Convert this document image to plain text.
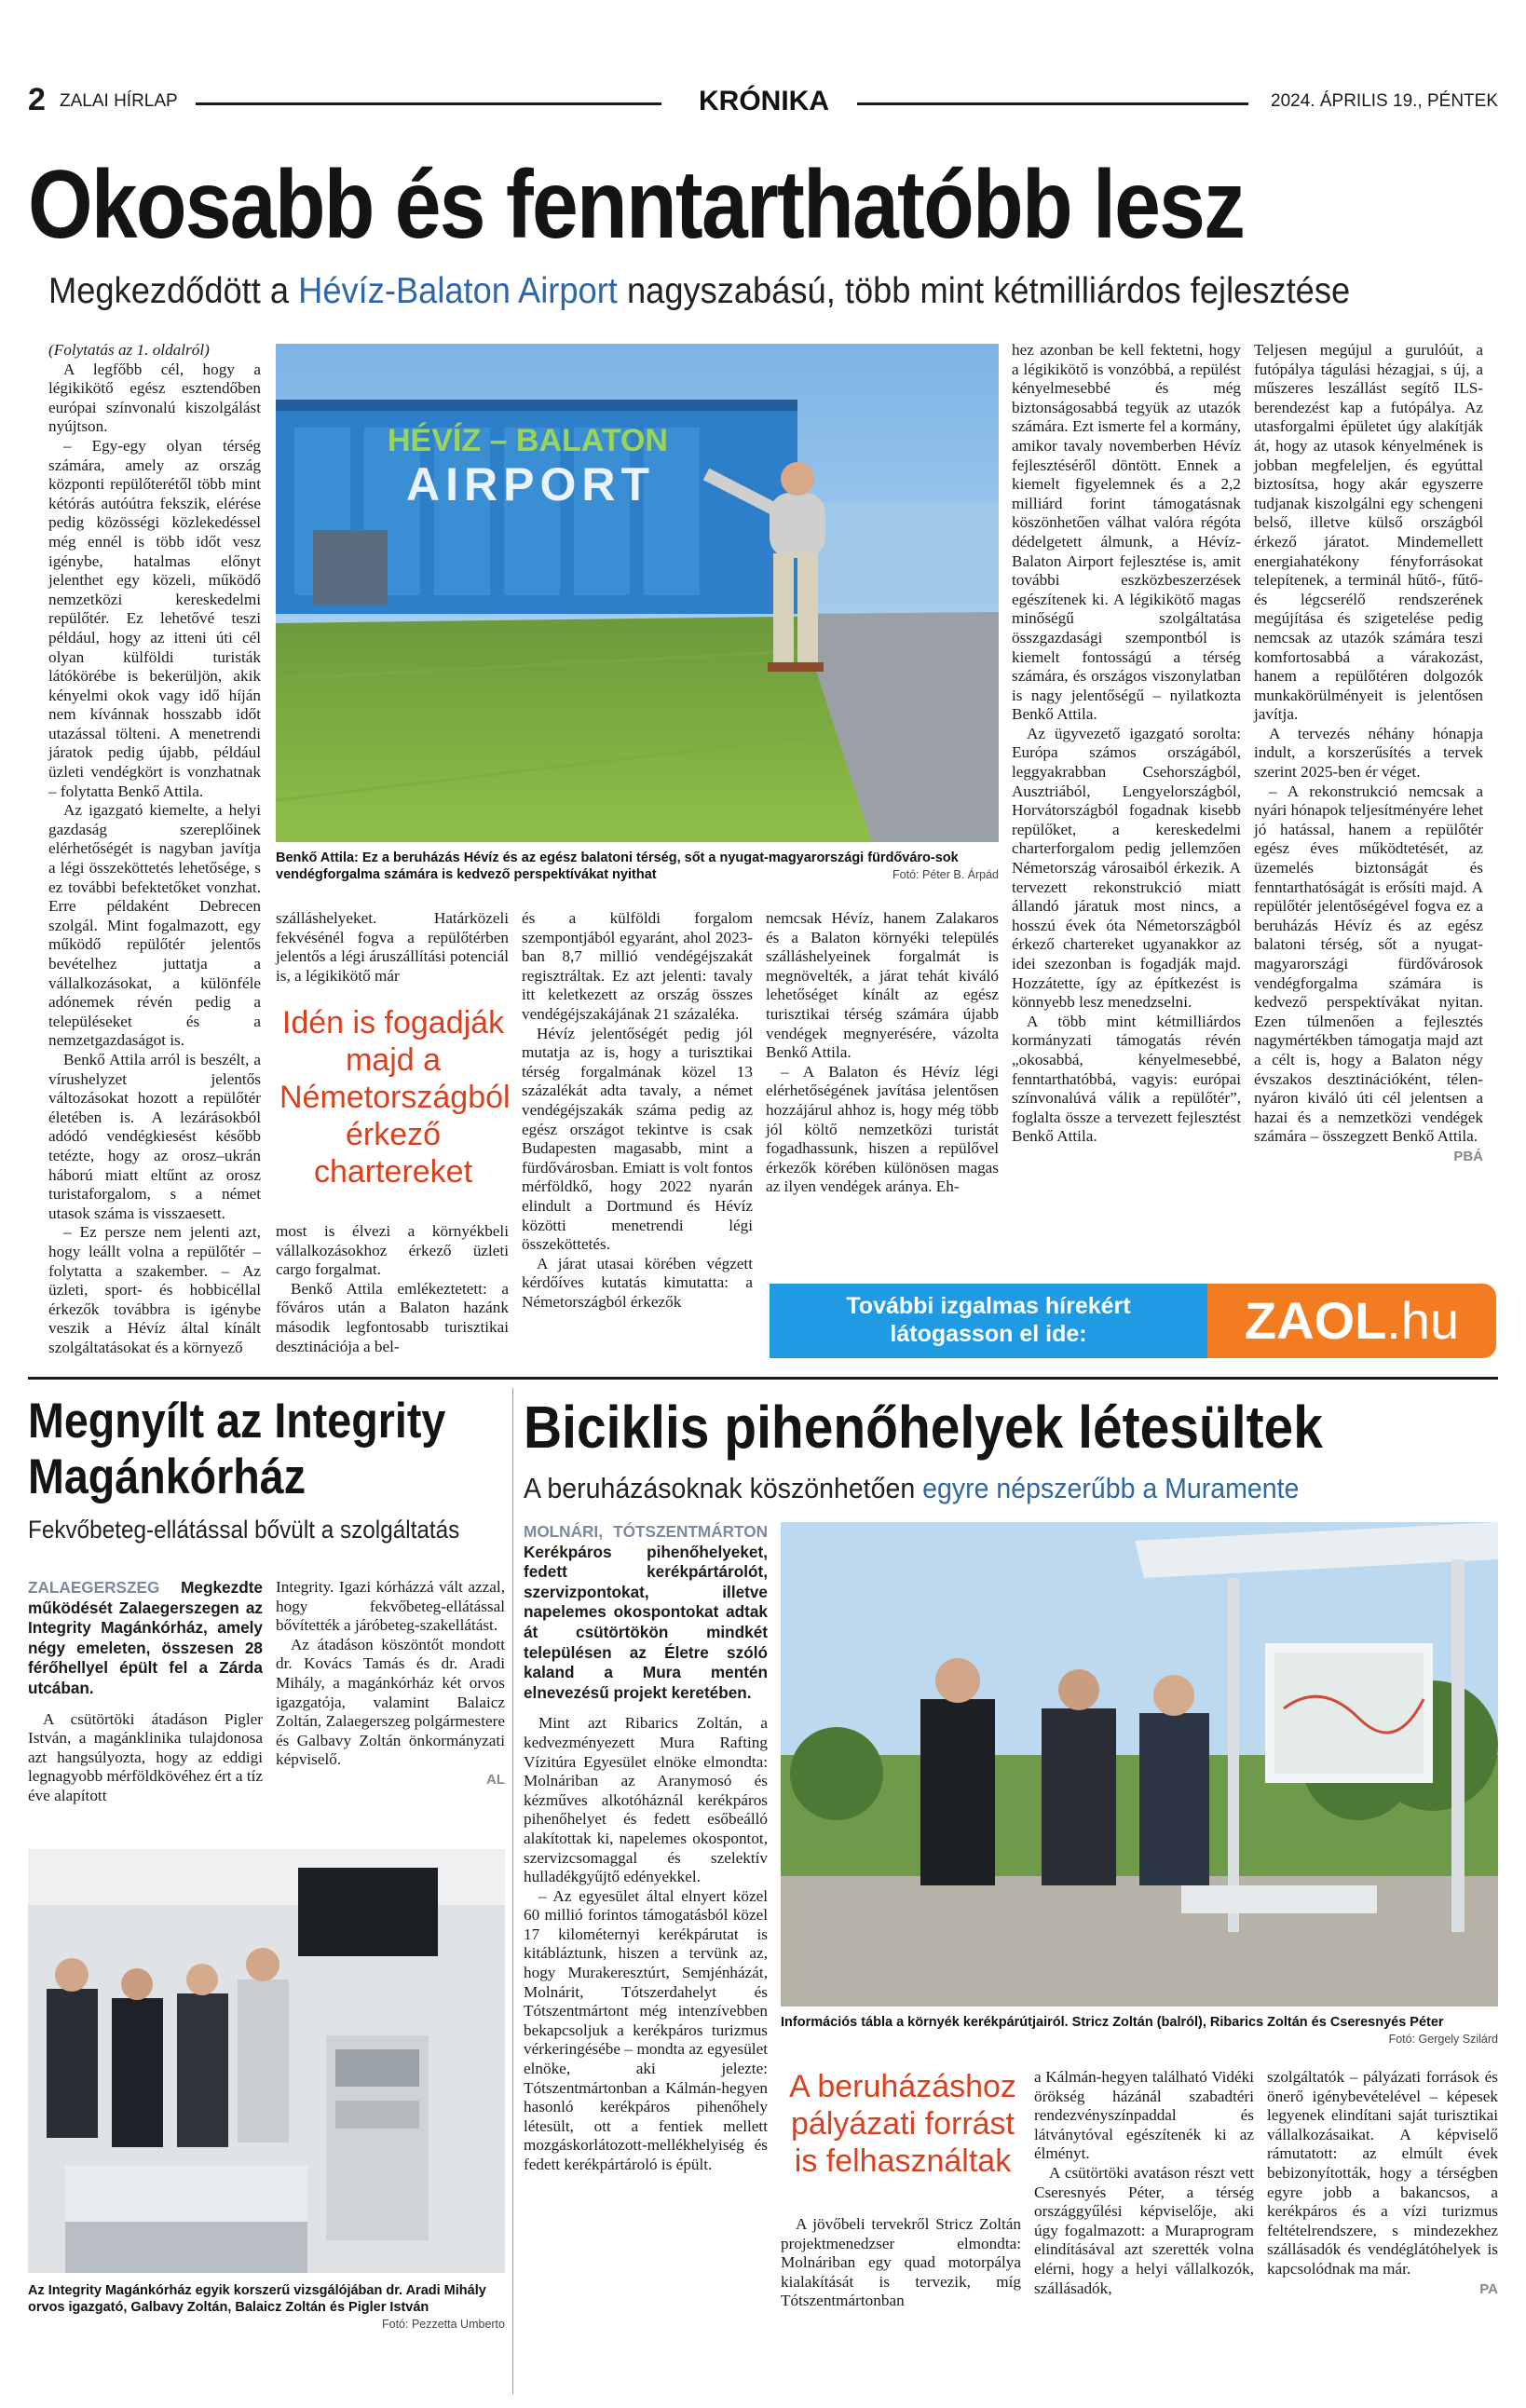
2 ZALAI HÍRLAP	KRÓNIKA	2024. ÁPRILIS 19., PÉNTEK
Okosabb és fenntarthatóbb lesz
Megkezdődött a Hévíz-Balaton Airport nagyszabású, több mint kétmilliárdos fejlesztése

(Folytatás az 1. oldalról)

A legfőbb cél, hogy a légikikötő egész esztendőben európai színvonalú kiszolgálást nyújtson.

– Egy-egy olyan térség számára, amely az ország központi repülőterétől több mint kétórás autóútra fekszik, elérése pedig közösségi közlekedéssel még ennél is több időt vesz igénybe, hatalmas előnyt jelenthet egy közeli, működő nemzetközi kereskedelmi repülőtér. Ez lehetővé teszi például, hogy az itteni úti cél olyan külföldi turisták látókörébe is bekerüljön, akik kényelmi okok vagy idő híján nem kívánnak hosszabb időt utazással tölteni. A menetrendi járatok pedig újabb, például üzleti vendégkört is vonzhatnak – folytatta Benkő Attila.

Az igazgató kiemelte, a helyi gazdaság szereplőinek elérhetőségét is nagyban javítja a légi összeköttetés lehetősége, s ez további befektetőket vonzhat. Erre példaként Debrecen szolgál. Mint fogalmazott, egy működő repülőtér jelentős bevételhez juttatja a vállalkozásokat, a különféle adónemek révén pedig a településeket és a nemzetgazdaságot is.

Benkő Attila arról is beszélt, a vírushelyzet jelentős változásokat hozott a repülőtér életében is. A lezárásokból adódó vendégkiesést később tetézte, hogy az orosz–ukrán háború miatt eltűnt az orosz turistaforgalom, s a német utasok száma is visszaesett.

– Ez persze nem jelenti azt, hogy leállt volna a repülőtér – folytatta a szakember. – Az üzleti, sport- és hobbicéllal érkezők továbbra is igénybe veszik a Hévíz által kínált szolgáltatásokat és a környező

HÉVÍZ – BALATON
AIRPORT
Benkő Attila: Ez a beruházás Hévíz és az egész balatoni térség, sőt a nyugat-magyarországi fürdőváro-sok vendégforgalma számára is kedvező perspektívákat nyithat	Fotó: Péter B. Árpád

szálláshelyeket. Határközeli fekvésénél fogva a repülőtérben jelentős a légi áruszállítási potenciál is, a légikikötő már

Idén is fogadják majd a Németországból érkező chartereket

most is élvezi a környékbeli vállalkozásokhoz érkező üzleti cargo forgalmat.

Benkő Attila emlékeztetett: a főváros után a Balaton hazánk második legfontosabb turisztikai desztinációja a bel-

és a külföldi forgalom szempontjából egyaránt, ahol 2023-ban 8,7 millió vendégéjszakát regisztráltak. Ez azt jelenti: tavaly itt keletkezett az ország összes vendégéjszakájának 21 százaléka.

Hévíz jelentőségét pedig jól mutatja az is, hogy a turisztikai térség forgalmának közel 13 százalékát adta tavaly, a német vendégéjszakák száma pedig az egész országot tekintve is csak Budapesten magasabb, mint a fürdővárosban. Emiatt is volt fontos mérföldkő, hogy 2022 nyarán elindult a Dortmund és Hévíz közötti menetrendi légi összeköttetés.

A járat utasai körében végzett kérdőíves kutatás kimutatta: a Németországból érkezők

nemcsak Hévíz, hanem Zalakaros és a Balaton környéki település szálláshelyeinek forgalmát is megnövelték, a járat tehát kiváló lehetőséget kínált az egész turisztikai térség számára újabb vendégek megnyerésére, vázolta Benkő Attila.

– A Balaton és Hévíz légi elérhetőségének javítása jelentősen hozzájárul ahhoz is, hogy még több jól költő nemzetközi turistát fogadhassunk, hiszen a repülővel érkezők körében különösen magas az ilyen vendégek aránya. Eh-

hez azonban be kell fektetni, hogy a légikikötő is vonzóbbá, a repülést kényelmesebbé és még biztonságosabbá tegyük az utazók számára. Ezt ismerte fel a kormány, amikor tavaly novemberben Hévíz fejlesztéséről döntött. Ennek a kiemelt figyelemnek és a 2,2 milliárd forint támogatásnak köszönhetően válhat valóra régóta dédelgetett álmunk, a Hévíz-Balaton Airport fejlesztése is, amit további eszközbeszerzések egészítenek ki. A légikikötő magas minőségű szolgáltatása összgazdasági szempontból is kiemelt fontosságú a térség számára, és országos viszonylatban is nagy jelentőségű – nyilatkozta Benkő Attila.

Az ügyvezető igazgató sorolta: Európa számos országából, leggyakrabban Csehországból, Ausztriából, Lengyelországból, Horvátországból fogadnak kisebb repülőket, a kereskedelmi charterforgalom pedig jellemzően Németország városaiból érkezik. A tervezett rekonstrukció miatt állandó járatuk most nincs, a hosszú évek óta Németországból érkező chartereket ugyanakkor az idei szezonban is fogadják majd. Hozzátette, így az építkezést is könnyebb lesz menedzselni.

A több mint kétmilliárdos kormányzati támogatás révén „okosabbá, kényelmesebbé, fenntarthatóbbá, vagyis: európai színvonalúvá válik a repülőtér”, foglalta össze a tervezett fejlesztést Benkő Attila.

Teljesen megújul a gurulóút, a futópálya tágulási hézagjai, s új, a műszeres leszállást segítő ILS-berendezést kap a futópálya. Az utasforgalmi épületet úgy alakítják át, hogy az utasok kényelmének is jobban megfeleljen, és egyúttal biztosítsa, hogy akár egyszerre tudjanak kiszolgálni egy schengeni belső, illetve külső országból érkező járatot. Mindemellett energiahatékony fényforrásokat telepítenek, a terminál hűtő-, fűtő- és légcserélő rendszerének megújítása és szigetelése pedig nemcsak az utazók számára teszi komfortosabbá a várakozást, hanem a repülőtéren dolgozók munkakörülményeit is jelentősen javítja.

A tervezés néhány hónapja indult, a korszerűsítés a tervek szerint 2025-ben ér véget.

– A rekonstrukció nemcsak a nyári hónapok teljesítményére lehet jó hatással, hanem a repülőtér egész éves működtetését, az üzemelés biztonságát és fenntarthatóságát is erősíti majd. A repülőtér jelentőségével fogva ez a beruházás Hévíz és az egész balatoni térség, sőt a nyugat-magyarországi fürdővárosok vendégforgalma számára is kedvező perspektívákat nyitan. Ezen túlmenően a fejlesztés nagymértékben támogatja majd azt a célt is, hogy a Balaton négy évszakos desztinációként, télen-nyáron kiváló úti cél jelentsen a hazai és a nemzetközi vendégek számára – összegzett Benkő Attila.

PBÁ
További izgalmas hírekért
látogasson el ide:	ZAOL.hu
Megnyílt az Integrity Magánkórház
Fekvőbeteg-ellátással bővült a szolgáltatás

ZALAEGERSZEG Megkezdte működését Zalaegerszegen az Integrity Magánkórház, amely négy emeleten, összesen 28 férőhellyel épült fel a Zárda utcában.

A csütörtöki átadáson Pigler István, a magánklinika tulajdonosa azt hangsúlyozta, hogy az eddigi legnagyobb mérföldkövéhez ért a tíz éve alapított

Integrity. Igazi kórházzá vált azzal, hogy fekvőbeteg-ellátással bővítették a járóbeteg-szakellátást.

Az átadáson köszöntőt mondott dr. Kovács Tamás és dr. Aradi Mihály, a magánkórház két orvos igazgatója, valamint Balaicz Zoltán, Zalaegerszeg polgármestere és Galbavy Zoltán önkormányzati képviselő.

AL
Az Integrity Magánkórház egyik korszerű vizsgálójában dr. Aradi Mihály orvos igazgató, Galbavy Zoltán, Balaicz Zoltán és Pigler István
Fotó: Pezzetta Umberto
Biciklis pihenőhelyek létesültek
A beruházásoknak köszönhetően egyre népszerűbb a Muramente

MOLNÁRI, TÓTSZENTMÁRTON Kerékpáros pihenőhelyeket, fedett kerékpártárolót, szervizpontokat, illetve napelemes okospontokat adtak át csütörtökön mindkét településen az Életre szóló kaland a Mura mentén elnevezésű projekt keretében.

Mint azt Ribarics Zoltán, a kedvezményezett Mura Rafting Vízitúra Egyesület elnöke elmondta: Molnáriban az Aranymosó és kézműves alkotóháznál kerékpáros pihenőhelyet és fedett esőbeálló alakítottak ki, napelemes okospontot, szervizcsomaggal és szelektív hulladékgyűjtő edényekkel.

– Az egyesület által elnyert közel 60 millió forintos támogatásból közel 17 kilométernyi kerékpárutat is kitábláztunk, hiszen a tervünk az, hogy Murakeresztúrt, Semjénházát, Molnárit, Tótszerdahelyt és Tótszentmártont még intenzívebben bekapcsoljuk a kerékpáros turizmus vérkeringésébe – mondta az egyesület elnöke, aki jelezte: Tótszentmártonban a Kálmán-hegyen hasonló kerékpáros pihenőhely létesült, ott a fentiek mellett mozgáskorlátozott-mellékhelyiség és fedett kerékpártároló is épült.

Információs tábla a környék kerékpárútjairól. Stricz Zoltán (balról), Ribarics Zoltán és Cseresnyés Péter
Fotó: Gergely Szilárd
A beruházáshoz pályázati forrást is felhasználtak

A jövőbeli tervekről Stricz Zoltán projektmenedzser elmondta: Molnáriban egy quad motorpálya kialakítását is tervezik, míg Tótszentmártonban

a Kálmán-hegyen található Vidéki örökség házánál szabadtéri rendezvényszínpaddal és látványtóval egészítenék ki az élményt.

A csütörtöki avatáson részt vett Cseresnyés Péter, a térség országgyűlési képviselője, aki úgy fogalmazott: a Muraprogram elindításával azt szerették volna elérni, hogy a helyi vállalkozók, szállásadók,

szolgáltatók – pályázati források és önerő igénybevételével – képesek legyenek elindítani saját turisztikai vállalkozásaikat. A képviselő rámutatott: az elmúlt évek bebizonyították, hogy a térségben egyre jobb a bakancsos, a kerékpáros és a vízi turizmus feltételrendszere, s mindezekhez szállásadók és vendéglátóhelyek is kapcsolódnak ma már.

PA
